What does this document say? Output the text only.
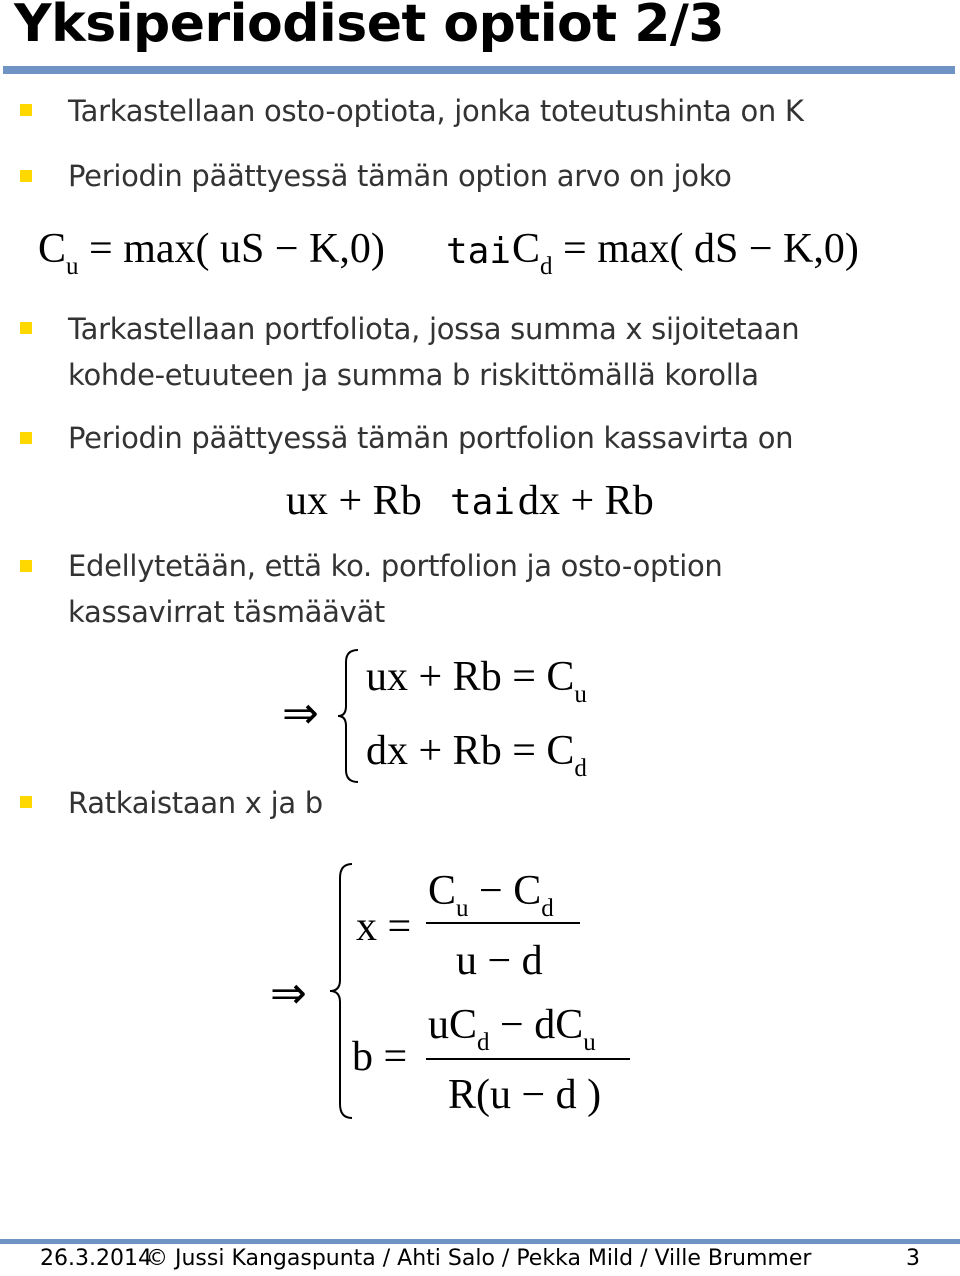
Yksiperiodiset optiot 2/3
Tarkastellaan osto-optiota, jonka toteutushinta on K
Periodin päättyessä tämän option arvo on joko
$C_u = \max$( uS − K,0) tai $C_d = \max$( dS − K,0)
Tarkastellaan portfoliota, jossa summa x sijoitetaan
kohde-etuuteen ja summa b riskittömällä korolla
Periodin päättyessä tämän portfolion kassavirta on
ux + Rb tai dx + Rb
Edellytetään, että ko. portfolion ja osto-option
kassavirrat täsmäävät
⇒
ux + $Rb = C_u$
dx + $Rb = C_d$
Ratkaistaan x ja b
⇒
x =
$C_u - C_d$
u − d
b =
$uC_d - dC_u$
R(u − d )
26.3.2014
© Jussi Kangaspunta / Ahti Salo / Pekka Mild / Ville Brummer	3
